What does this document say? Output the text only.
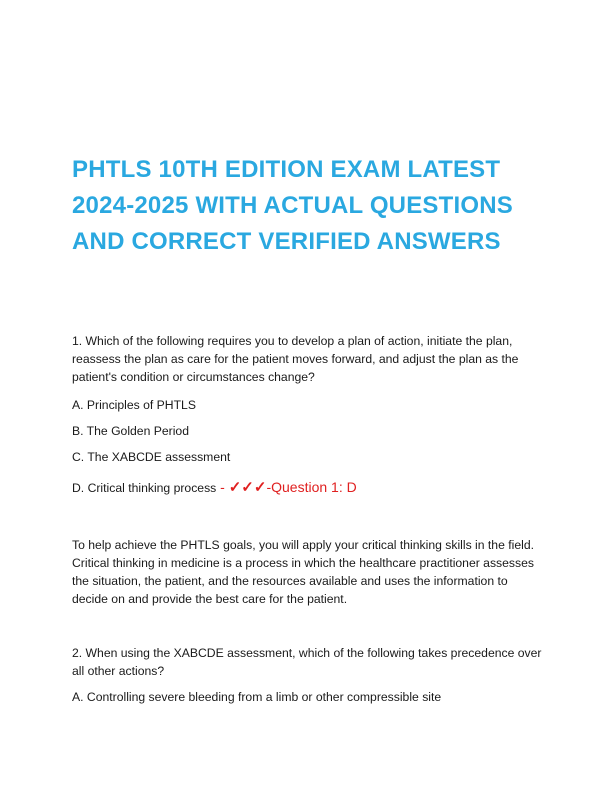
PHTLS 10TH EDITION EXAM LATEST 2024-2025 WITH ACTUAL QUESTIONS AND CORRECT VERIFIED ANSWERS
1. Which of the following requires you to develop a plan of action, initiate the plan, reassess the plan as care for the patient moves forward, and adjust the plan as the patient's condition or circumstances change?
A. Principles of PHTLS
B. The Golden Period
C. The XABCDE assessment
D. Critical thinking process - ✓✓✓-Question 1: D
To help achieve the PHTLS goals, you will apply your critical thinking skills in the field. Critical thinking in medicine is a process in which the healthcare practitioner assesses the situation, the patient, and the resources available and uses the information to decide on and provide the best care for the patient.
2. When using the XABCDE assessment, which of the following takes precedence over all other actions?
A. Controlling severe bleeding from a limb or other compressible site
